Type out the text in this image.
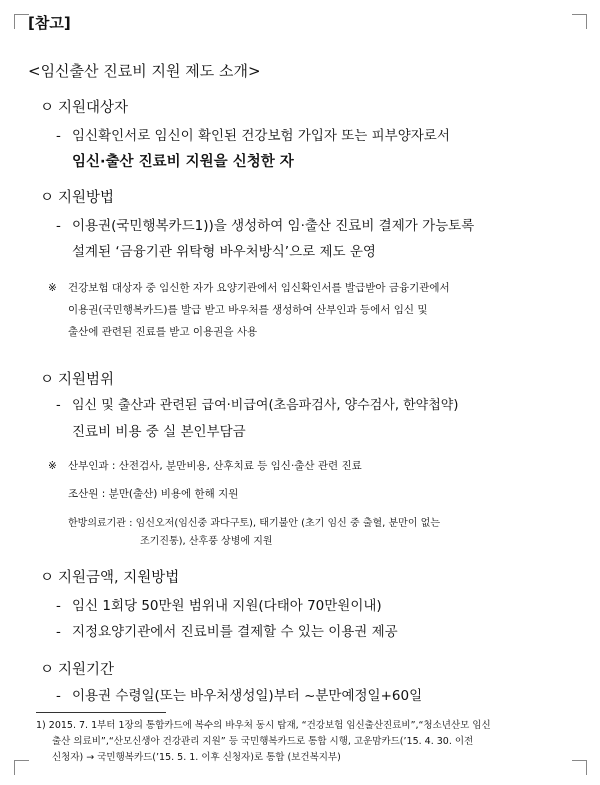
[참고]
<임신출산 진료비 지원 제도 소개>
ㅇ 지원대상자
- 임신확인서로 임신이 확인된 건강보험 가입자 또는 피부양자로서
임신·출산 진료비 지원을 신청한 자
ㅇ 지원방법
- 이용권(국민행복카드1))을 생성하여 임·출산 진료비 결제가 가능토록
설계된 ‘금융기관 위탁형 바우처방식’으로 제도 운영
※ 건강보험 대상자 중 임신한 자가 요양기관에서 임신확인서를 발급받아 금융기관에서
이용권(국민행복카드)를 발급 받고 바우처를 생성하여 산부인과 등에서 임신 및
출산에 관련된 진료를 받고 이용권을 사용
ㅇ 지원범위
- 임신 및 출산과 관련된 급여·비급여(초음파검사, 양수검사, 한약첩약)
진료비 비용 중 실 본인부담금
※ 산부인과 : 산전검사, 분만비용, 산후치료 등 임신·출산 관련 진료
조산원 : 분만(출산) 비용에 한해 지원
한방의료기관 : 임신오저(임신중 과다구토), 태기불안 (초기 임신 중 출혈, 분만이 없는
조기진통), 산후풍 상병에 지원
ㅇ 지원금액, 지원방법
- 임신 1회당 50만원 범위내 지원(다태아 70만원이내)
- 지정요양기관에서 진료비를 결제할 수 있는 이용권 제공
ㅇ 지원기간
- 이용권 수령일(또는 바우처생성일)부터 ~분만예정일+60일
1) 2015. 7. 1부터 1장의 통합카드에 복수의 바우처 동시 탑재, “건강보험 임신출산진료비”,“청소년산모 임신
출산 의료비”,“산모신생아 건강관리 지원” 등 국민행복카드로 통합 시행, 고운맘카드(’15. 4. 30. 이전
신청자) → 국민행복카드(’15. 5. 1. 이후 신청자)로 통합 (보건복지부)
